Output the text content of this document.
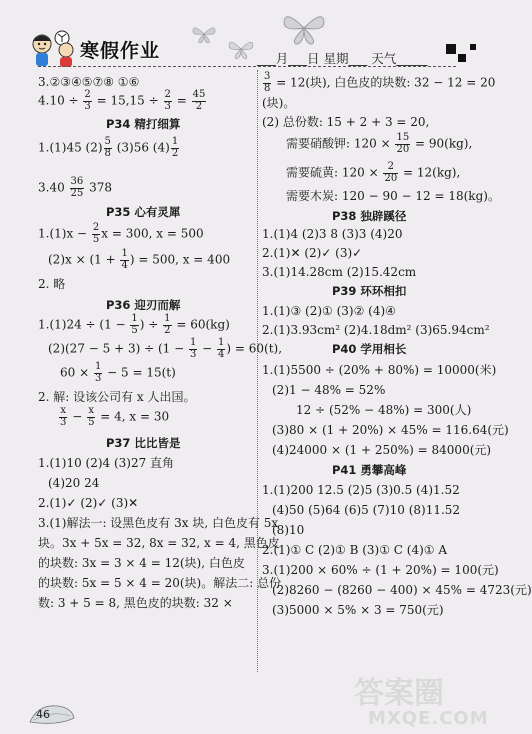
寒假作业	___月___日 星期___ 天气_____
3.②③④⑤⑦⑧ ①⑥
$4.10 \div \frac{2}{3} = 15,15 \div \frac{2}{3} = \frac{45}{2}$
P34 精打细算
1.(1)45 $(2) \frac{5}{8} (3)56$ $(4) \frac{1}{2}$
$3.40 \frac{36}{25} 378$
P35 心有灵犀
$1.(1)x - \frac{2}{5}$ x = 300, x = 500
$(2)x \times (1 + \frac{1}{4}$ ) = 500, x = 400
2. 略
P36 迎刃而解
$1.(1)24 \div (1 - \frac{1}{5}$ ) ÷ $\frac{1}{2} = 60(kg)$
$(2)(27 - 5 + 3) \div (1 - \frac{1}{3} - \frac{1}{4}$ ) = 60(t),
$60 \times \frac{1}{3} - 5 = 15(t)$
2. 解: 设该公司有 x 人出国。
$\frac{x}{3} - \frac{x}{5} = 4$, x = 30
P37 比比皆是
1.(1)10 (2)4 (3)27 直角
(4)20 24
2.(1)✓ (2)✓ (3)✕
3.(1)解法一: 设黑色皮有 3x 块, 白色皮有 5x
块。3x + 5x = 32, 8x = 32, x = 4, 黑色皮
的块数: 3x = 3 × 4 = 12(块), 白色皮
的块数: 5x = 5 × 4 = 20(块)。解法二: 总份
数: 3 + 5 = 8, 黑色皮的块数: 32 ×
$\frac{3}{8} = 12$(块), 白色皮的块数: 32 − 12 = 20
(块)。
(2) 总份数: 15 + 2 + 3 = 20,
需要硝酸钾: $120 \times \frac{15}{20} = 90(kg)$,
需要硫黄: $120 \times \frac{2}{20} = 12(kg)$,
需要木炭: 120 − 90 − 12 = 18(kg)。
P38 独辟蹊径
1.(1)4 (2)3 8 (3)3 (4)20
2.(1)✕ (2)✓ (3)✓
3.(1)14.28cm (2)15.42cm
P39 环环相扣
1.(1)③ (2)① (3)② (4)④
2.(1)3.93cm² (2)4.18dm² (3)65.94cm²
P40 学用相长
1.(1)5500 ÷ (20% + 80%) = 10000(米)
(2)1 − 48% = 52%
12 ÷ (52% − 48%) = 300(人)
(3)80 × (1 + 20%) × 45% = 116.64(元)
(4)24000 × (1 + 250%) = 84000(元)
P41 勇攀高峰
1.(1)200 12.5 (2)5 (3)0.5 (4)1.52
(4)50 (5)64 (6)5 (7)10 (8)11.52
(8)10
2.(1)① C (2)① B (3)① C (4)① A
3.(1)200 × 60% ÷ (1 + 20%) = 100(元)
(2)8260 − (8260 − 400) × 45% = 4723(元)
(3)5000 × 5% × 3 = 750(元)
46
答案圈
MXQE.COM
